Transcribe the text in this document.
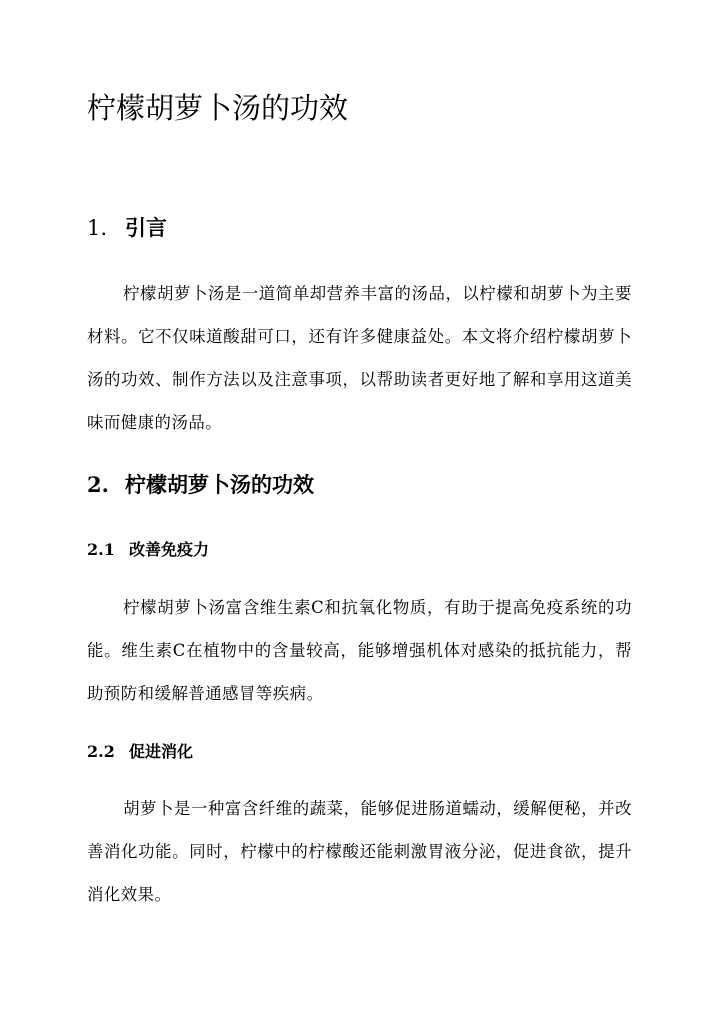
柠檬胡萝卜汤的功效
1. 引言

柠檬胡萝卜汤是一道简单却营养丰富的汤品，以柠檬和胡萝卜为主要材料。它不仅味道酸甜可口，还有许多健康益处。本文将介绍柠檬胡萝卜汤的功效、制作方法以及注意事项，以帮助读者更好地了解和享用这道美味而健康的汤品。

2. 柠檬胡萝卜汤的功效
2.1 改善免疫力

柠檬胡萝卜汤富含维生素C和抗氧化物质，有助于提高免疫系统的功能。维生素C在植物中的含量较高，能够增强机体对感染的抵抗能力，帮助预防和缓解普通感冒等疾病。

2.2 促进消化

胡萝卜是一种富含纤维的蔬菜，能够促进肠道蠕动，缓解便秘，并改善消化功能。同时，柠檬中的柠檬酸还能刺激胃液分泌，促进食欲，提升消化效果。
